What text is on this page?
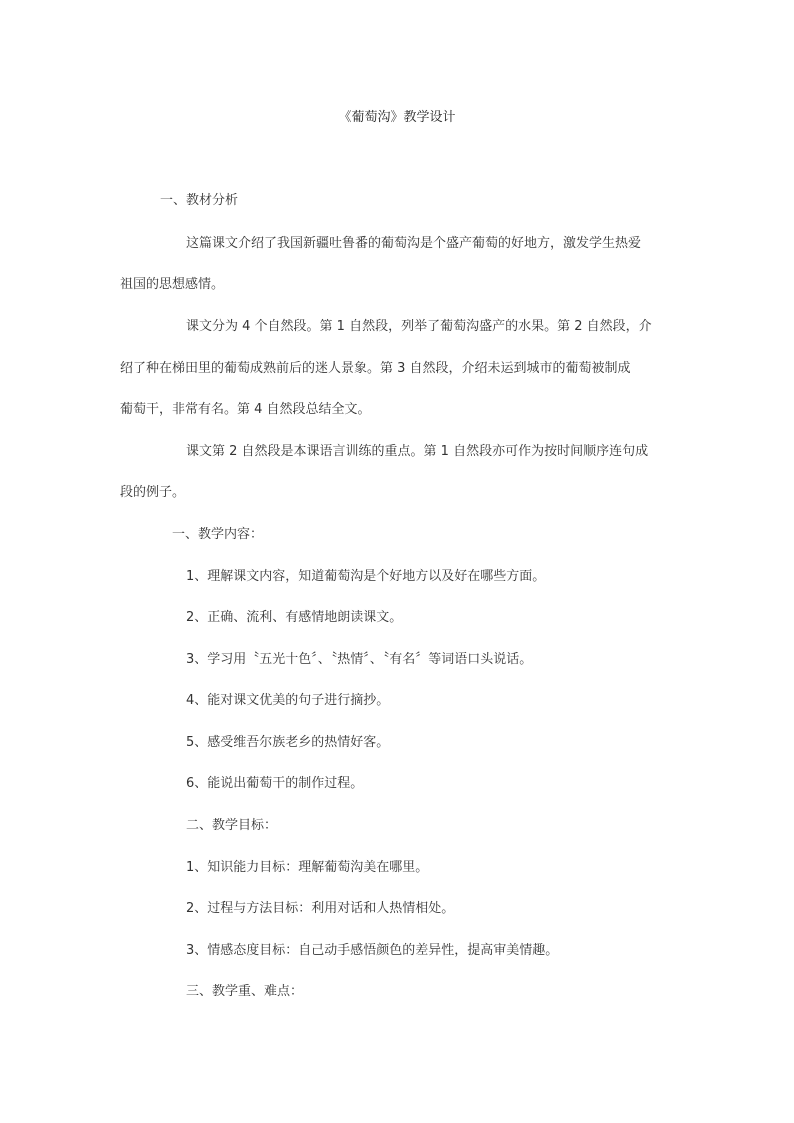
《葡萄沟》教学设计
一、教材分析
这篇课文介绍了我国新疆吐鲁番的葡萄沟是个盛产葡萄的好地方，激发学生热爱
祖国的思想感情。
课文分为 4 个自然段。第 1 自然段，列举了葡萄沟盛产的水果。第 2 自然段，介
绍了种在梯田里的葡萄成熟前后的迷人景象。第 3 自然段，介绍未运到城市的葡萄被制成
葡萄干，非常有名。第 4 自然段总结全文。
课文第 2 自然段是本课语言训练的重点。第 1 自然段亦可作为按时间顺序连句成
段的例子。
一、教学内容：
1、理解课文内容，知道葡萄沟是个好地方以及好在哪些方面。
2、正确、流利、有感情地朗读课文。
3、学习用〝五光十色〞、〝热情〞、〝有名〞等词语口头说话。
4、能对课文优美的句子进行摘抄。
5、感受维吾尔族老乡的热情好客。
6、能说出葡萄干的制作过程。
二、教学目标：
1、知识能力目标：理解葡萄沟美在哪里。
2、过程与方法目标：利用对话和人热情相处。
3、情感态度目标：自己动手感悟颜色的差异性，提高审美情趣。
三、教学重、难点：
